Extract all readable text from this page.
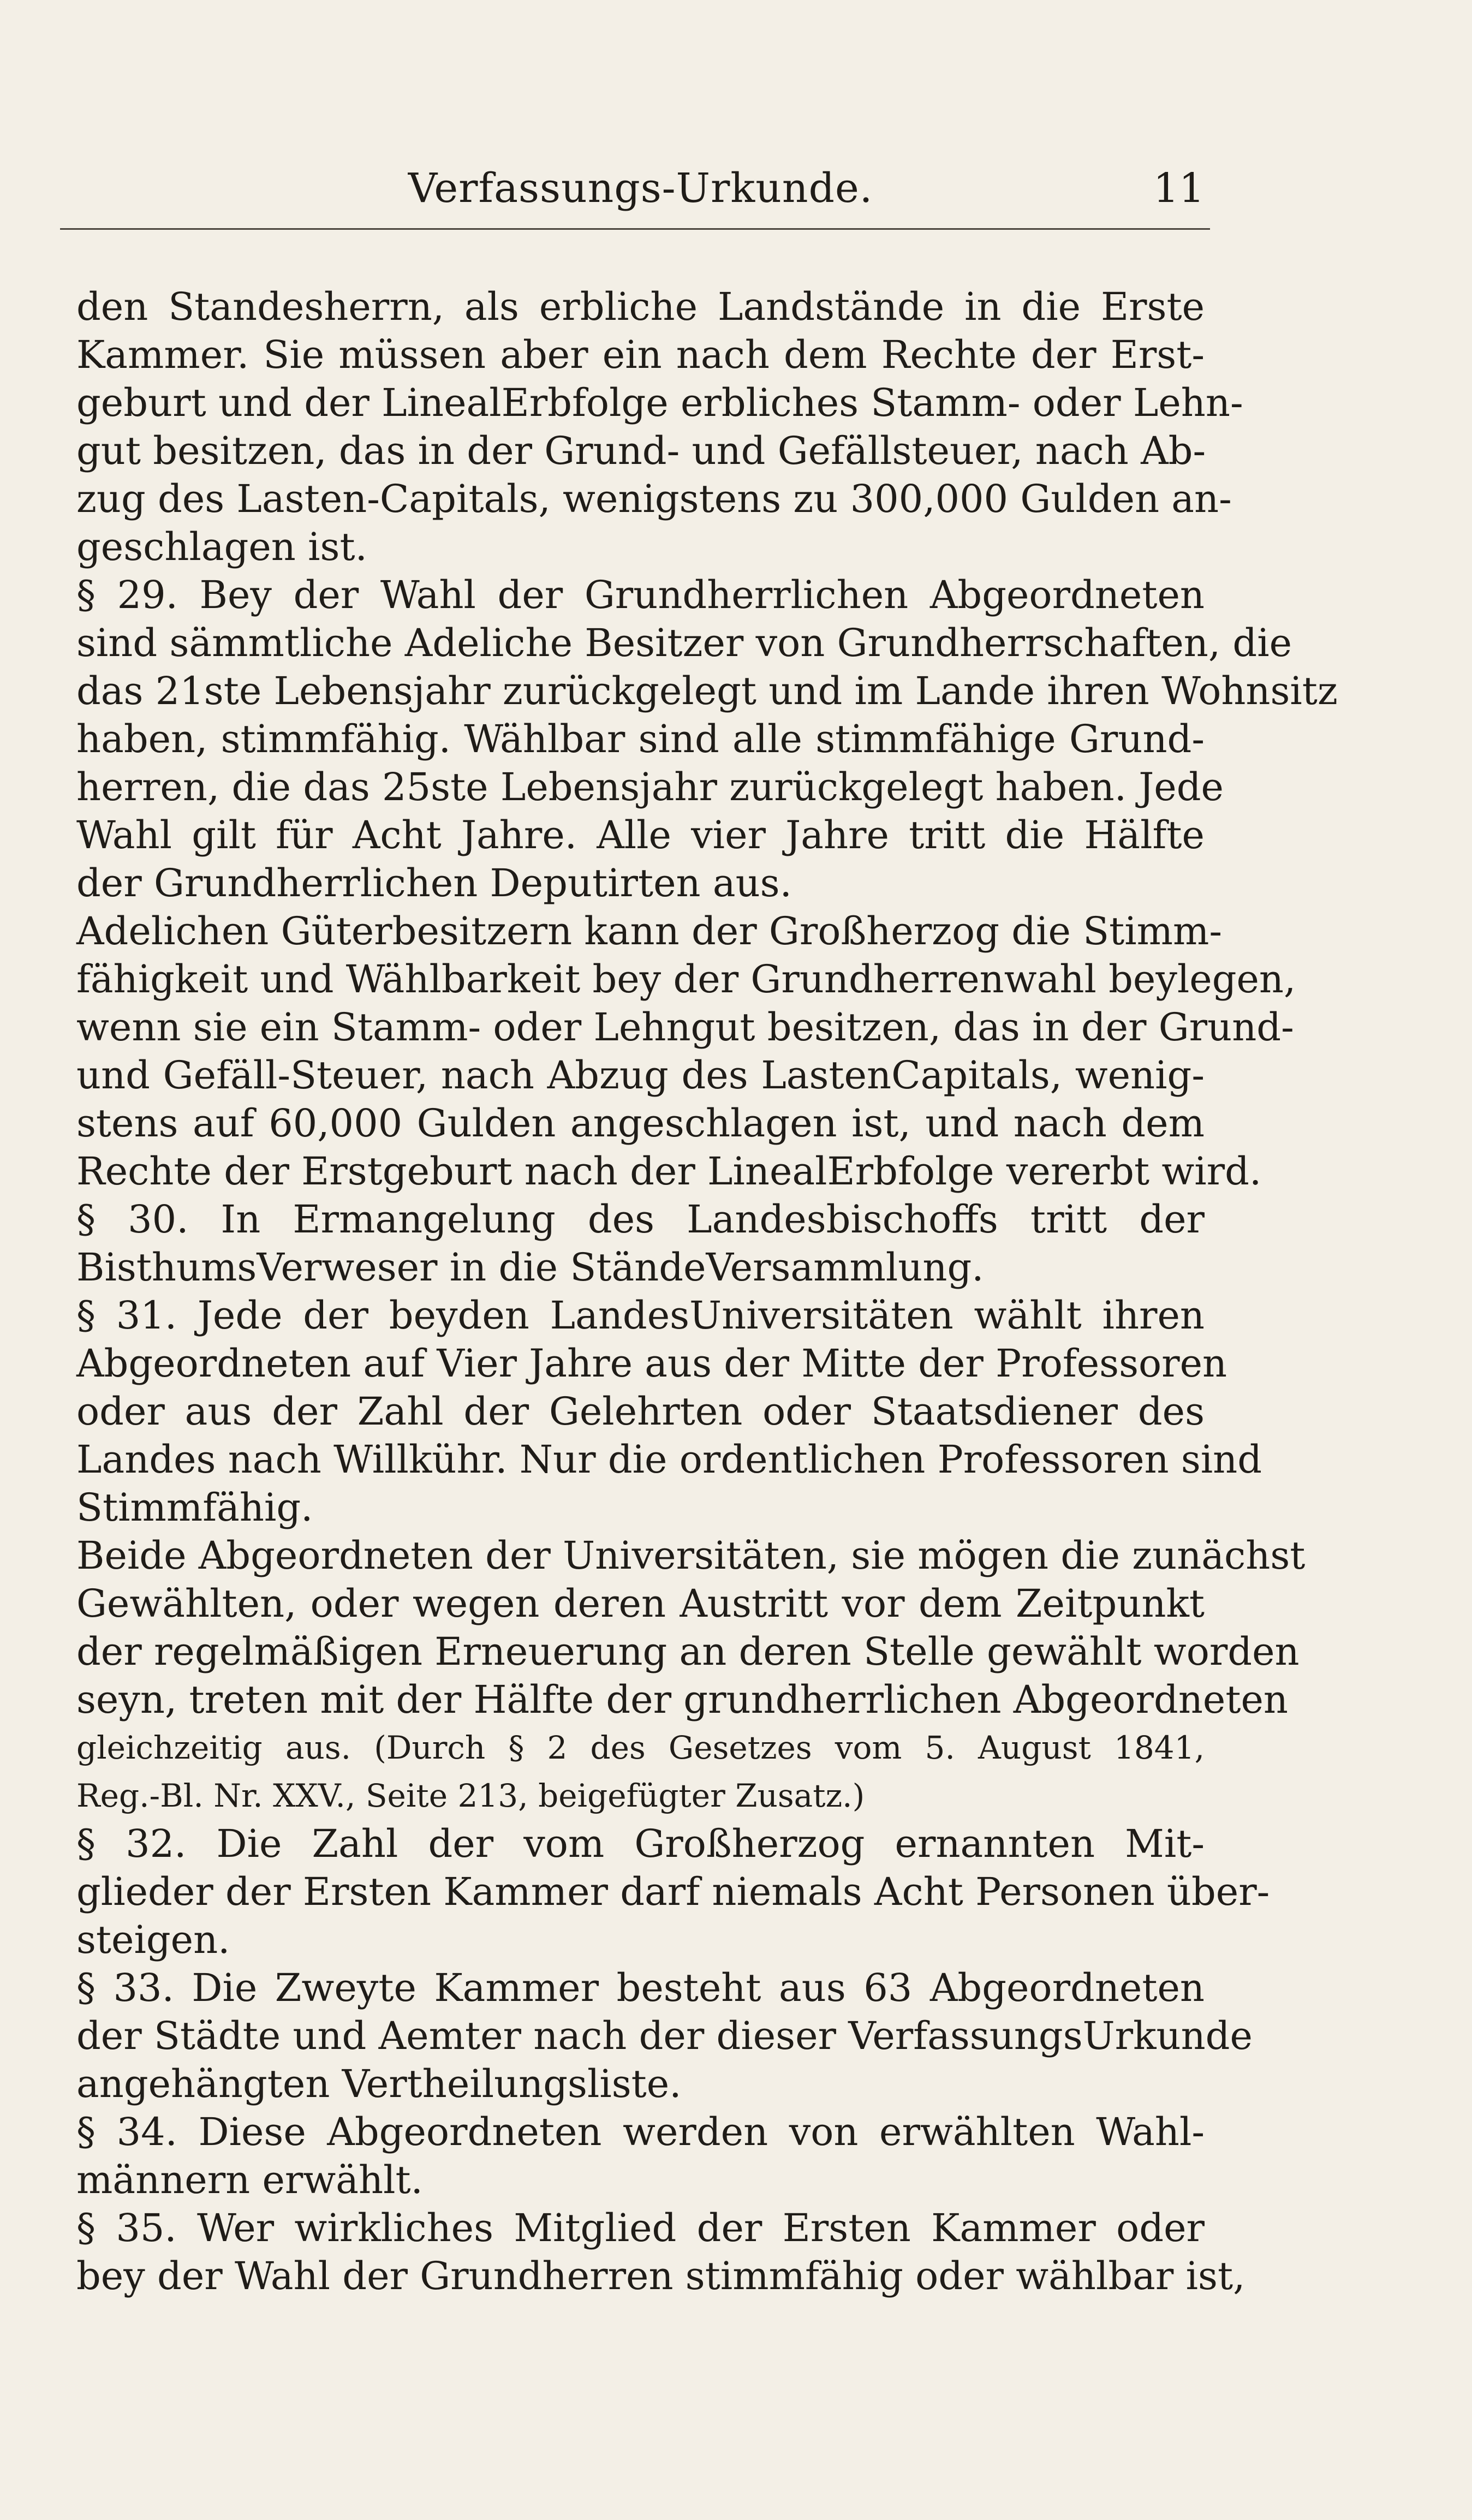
Verfassungs-Urkunde.	11
den Standesherrn, als erbliche Landstände in die Erste
Kammer. Sie müssen aber ein nach dem Rechte der Erst-
geburt und der LinealErbfolge erbliches Stamm- oder Lehn-
gut besitzen, das in der Grund- und Gefällsteuer, nach Ab-
zug des Lasten-Capitals, wenigstens zu 300,000 Gulden an-
geschlagen ist.
§ 29. Bey der Wahl der Grundherrlichen Abgeordneten
sind sämmtliche Adeliche Besitzer von Grundherrschaften, die
das 21ste Lebensjahr zurückgelegt und im Lande ihren Wohnsitz
haben, stimmfähig. Wählbar sind alle stimmfähige Grund-
herren, die das 25ste Lebensjahr zurückgelegt haben. Jede
Wahl gilt für Acht Jahre. Alle vier Jahre tritt die Hälfte
der Grundherrlichen Deputirten aus.
Adelichen Güterbesitzern kann der Großherzog die Stimm-
fähigkeit und Wählbarkeit bey der Grundherrenwahl beylegen,
wenn sie ein Stamm- oder Lehngut besitzen, das in der Grund-
und Gefäll-Steuer, nach Abzug des LastenCapitals, wenig-
stens auf 60,000 Gulden angeschlagen ist, und nach dem
Rechte der Erstgeburt nach der LinealErbfolge vererbt wird.
§ 30. In Ermangelung des Landesbischoffs tritt der
BisthumsVerweser in die StändeVersammlung.
§ 31. Jede der beyden LandesUniversitäten wählt ihren
Abgeordneten auf Vier Jahre aus der Mitte der Professoren
oder aus der Zahl der Gelehrten oder Staatsdiener des
Landes nach Willkühr. Nur die ordentlichen Professoren sind
Stimmfähig.
Beide Abgeordneten der Universitäten, sie mögen die zunächst
Gewählten, oder wegen deren Austritt vor dem Zeitpunkt
der regelmäßigen Erneuerung an deren Stelle gewählt worden
seyn, treten mit der Hälfte der grundherrlichen Abgeordneten
gleichzeitig aus. (Durch § 2 des Gesetzes vom 5. August 1841,
Reg.-Bl. Nr. XXV., Seite 213, beigefügter Zusatz.)
§ 32. Die Zahl der vom Großherzog ernannten Mit-
glieder der Ersten Kammer darf niemals Acht Personen über-
steigen.
§ 33. Die Zweyte Kammer besteht aus 63 Abgeordneten
der Städte und Aemter nach der dieser VerfassungsUrkunde
angehängten Vertheilungsliste.
§ 34. Diese Abgeordneten werden von erwählten Wahl-
männern erwählt.
§ 35. Wer wirkliches Mitglied der Ersten Kammer oder
bey der Wahl der Grundherren stimmfähig oder wählbar ist,
